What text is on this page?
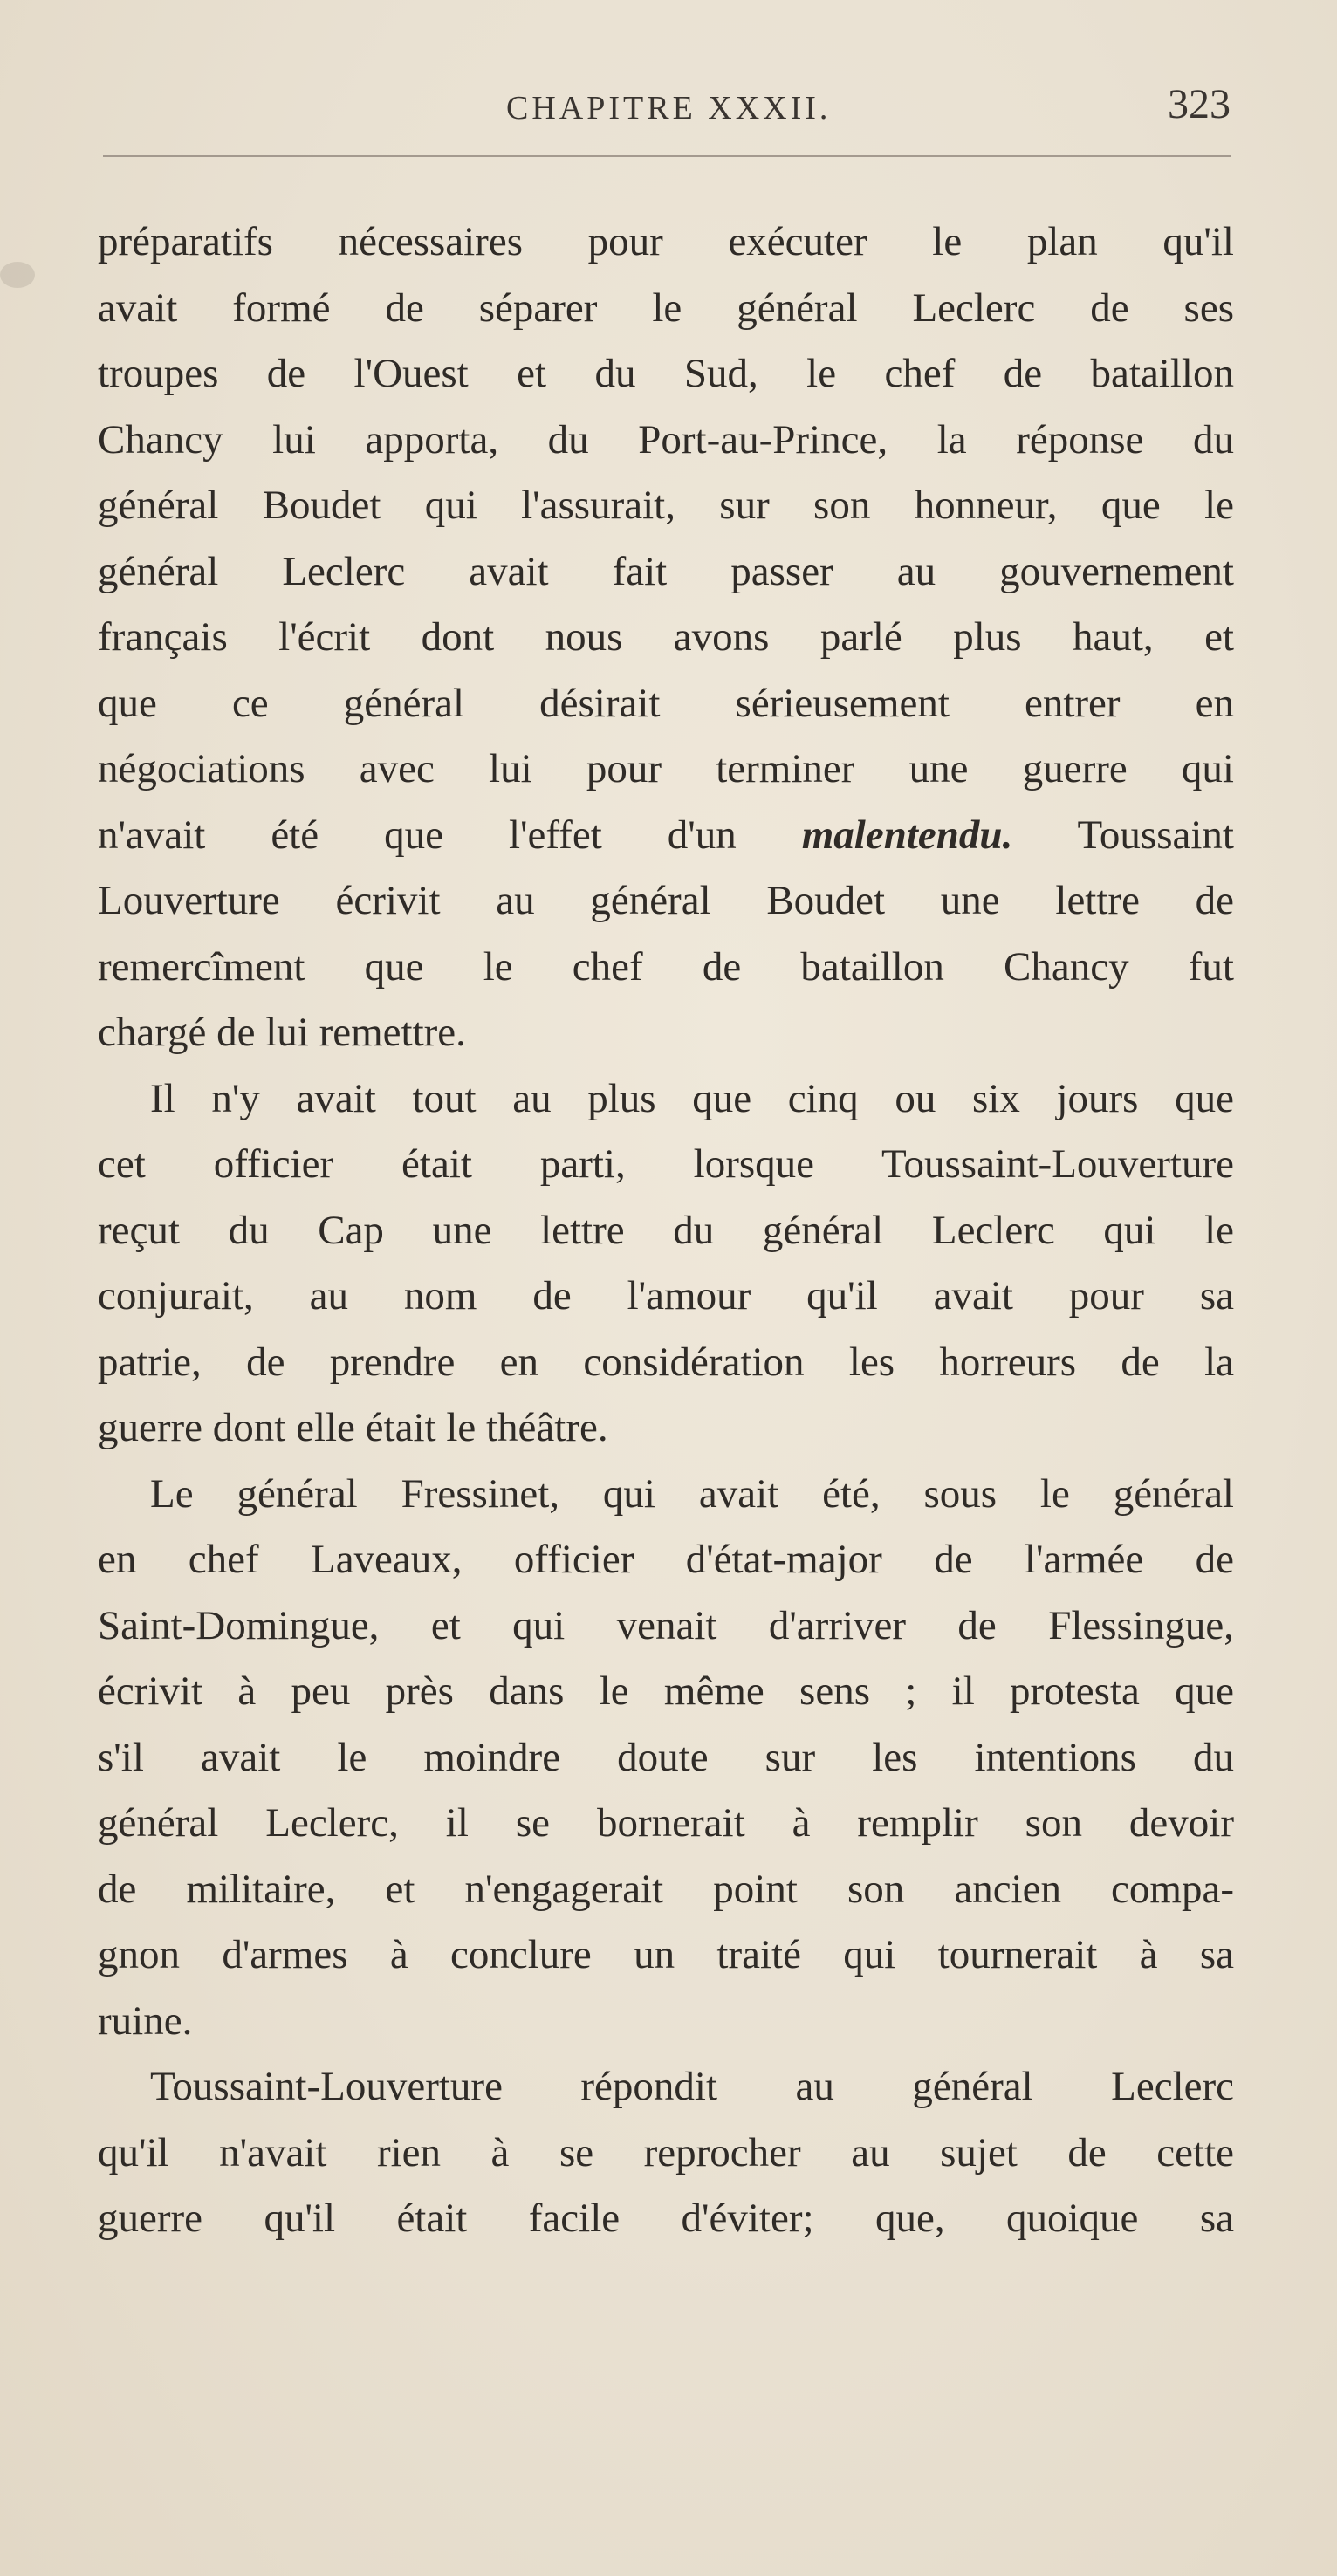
CHAPITRE XXXII.	323
préparatifs nécessaires pour exécuter le plan qu'il
avait formé de séparer le général Leclerc de ses
troupes de l'Ouest et du Sud, le chef de bataillon
Chancy lui apporta, du Port-au-Prince, la réponse du
général Boudet qui l'assurait, sur son honneur, que le
général Leclerc avait fait passer au gouvernement
français l'écrit dont nous avons parlé plus haut, et
que ce général désirait sérieusement entrer en
négociations avec lui pour terminer une guerre qui
n'avait été que l'effet d'un malentendu. Toussaint
Louverture écrivit au général Boudet une lettre de
remercîment que le chef de bataillon Chancy fut
chargé de lui remettre.
Il n'y avait tout au plus que cinq ou six jours que
cet officier était parti, lorsque Toussaint-Louverture
reçut du Cap une lettre du général Leclerc qui le
conjurait, au nom de l'amour qu'il avait pour sa
patrie, de prendre en considération les horreurs de la
guerre dont elle était le théâtre.
Le général Fressinet, qui avait été, sous le général
en chef Laveaux, officier d'état-major de l'armée de
Saint-Domingue, et qui venait d'arriver de Flessingue,
écrivit à peu près dans le même sens ; il protesta que
s'il avait le moindre doute sur les intentions du
général Leclerc, il se bornerait à remplir son devoir
de militaire, et n'engagerait point son ancien compa-
gnon d'armes à conclure un traité qui tournerait à sa
ruine.
Toussaint-Louverture répondit au général Leclerc
qu'il n'avait rien à se reprocher au sujet de cette
guerre qu'il était facile d'éviter; que, quoique sa
